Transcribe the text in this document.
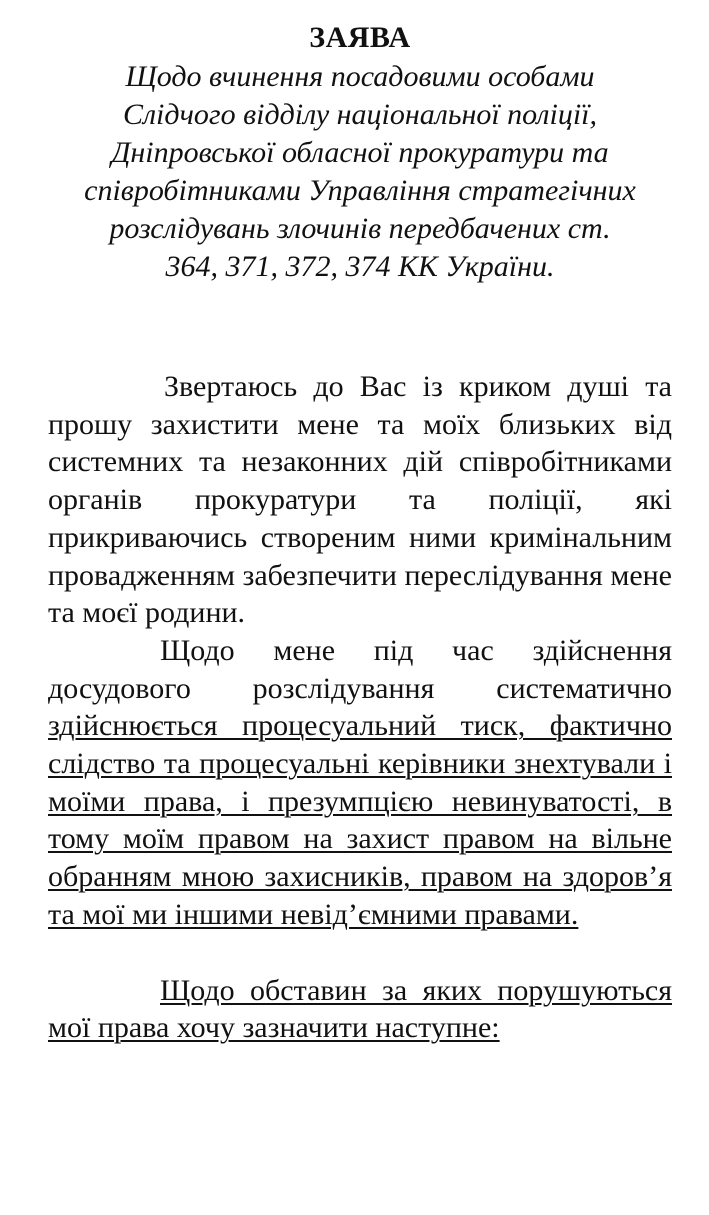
ЗАЯВА
Щодо вчинення посадовими особами
Слідчого відділу національної поліції,
Дніпровської обласної прокуратури та
співробітниками Управління стратегічних
розслідувань злочинів передбачених ст.
364, 371, 372, 374 КК України.

Звертаюсь до Вас із криком душі та прошу захистити мене та моїх близьких від системних та незаконних дій співробітниками органів прокуратури та поліції, які прикриваючись створеним ними кримінальним провадженням забезпечити переслідування мене та моєї родини.

Щодо мене під час здійснення досудового розслідування систематично здійснюється процесуальний тиск, фактично слідство та процесуальні керівники знехтували і моїми права, і презумпцією невинуватості, в тому моїм правом на захист правом на вільне обранням мною захисників, правом на здоров’я та мої ми іншими невід’ємними правами.

Щодо обставин за яких порушуються мої права хочу зазначити наступне:
